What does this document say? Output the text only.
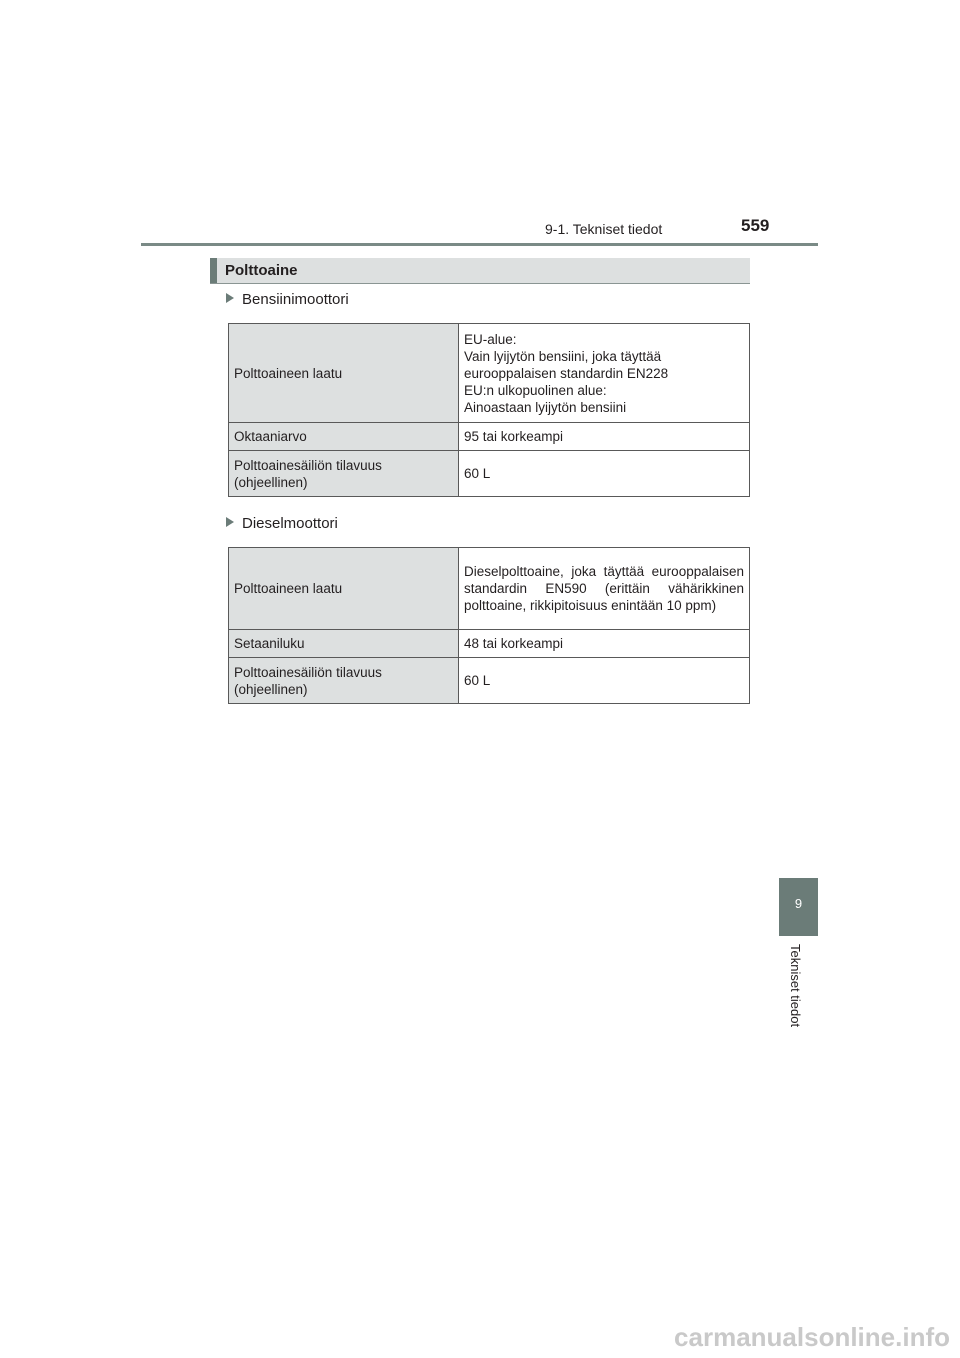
9-1. Tekniset tiedot	559
Polttoaine
Bensiinimoottori
Polttoaineen laatu	EU-alue:
Vain lyijytön bensiini, joka täyttää
eurooppalaisen standardin EN228
EU:n ulkopuolinen alue:
Ainoastaan lyijytön bensiini

Oktaaniarvo	95 tai korkeampi
Polttoainesäiliön tilavuus
(ohjeellinen)	60 L
Dieselmoottori
Polttoaineen laatu	Dieselpolttoaine, joka täyttää eurooppalaisen standardin EN590 (erittäin vähärikkinen polttoaine, rikkipitoisuus enintään 10 ppm)
Setaaniluku	48 tai korkeampi
Polttoainesäiliön tilavuus
(ohjeellinen)	60 L
9
Tekniset tiedot
carmanualsonline.info
